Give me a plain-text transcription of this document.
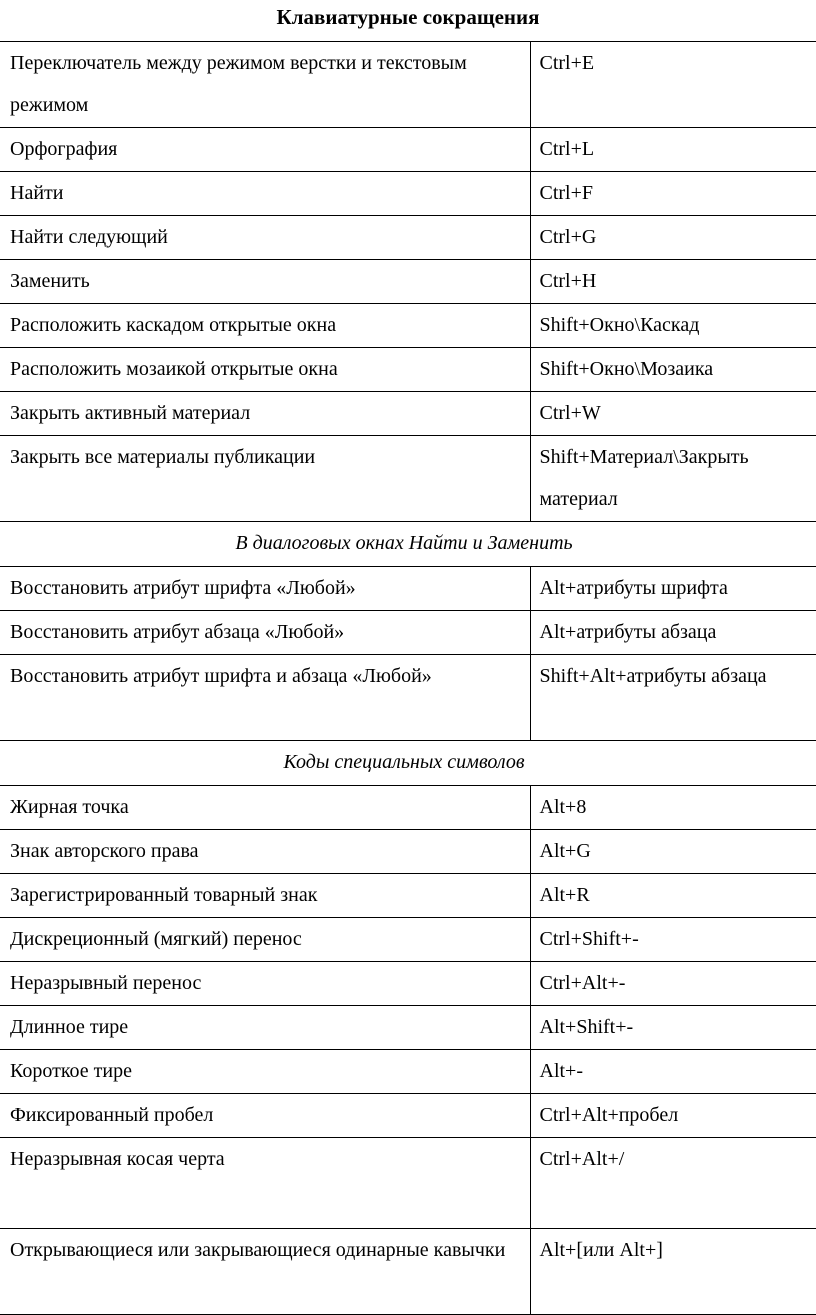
Клавиатурные сокращения
Переключатель между режимом верстки и текстовым режимом	Ctrl+E

Орфография	Ctrl+L

Найти	Ctrl+F

Найти следующий	Ctrl+G

Заменить	Ctrl+H

Расположить каскадом открытые окна	Shift+Окно\Каскад

Расположить мозаикой открытые окна	Shift+Окно\Мозаика

Закрыть активный материал	Ctrl+W

Закрыть все материалы публикации	Shift+Материал\Закрыть материал

В диалоговых окнах Найти и Заменить	

Восстановить атрибут шрифта «Любой»	Alt+атрибуты шрифта

Восстановить атрибут абзаца «Любой»	Alt+атрибуты абзаца

Восстановить атрибут шрифта и абзаца «Любой»	Shift+Alt+атрибуты абзаца

Коды специальных символов	

Жирная точка	Alt+8

Знак авторского права	Alt+G

Зарегистрированный товарный знак	Alt+R

Дискреционный (мягкий) перенос	Ctrl+Shift+-

Неразрывный перенос	Ctrl+Alt+-

Длинное тире	Alt+Shift+-

Короткое тире	Alt+-

Фиксированный пробел	Ctrl+Alt+пробел

Неразрывная косая черта	Ctrl+Alt+/

Открывающиеся или закрывающиеся одинарные кавычки	Alt+[или Alt+]
